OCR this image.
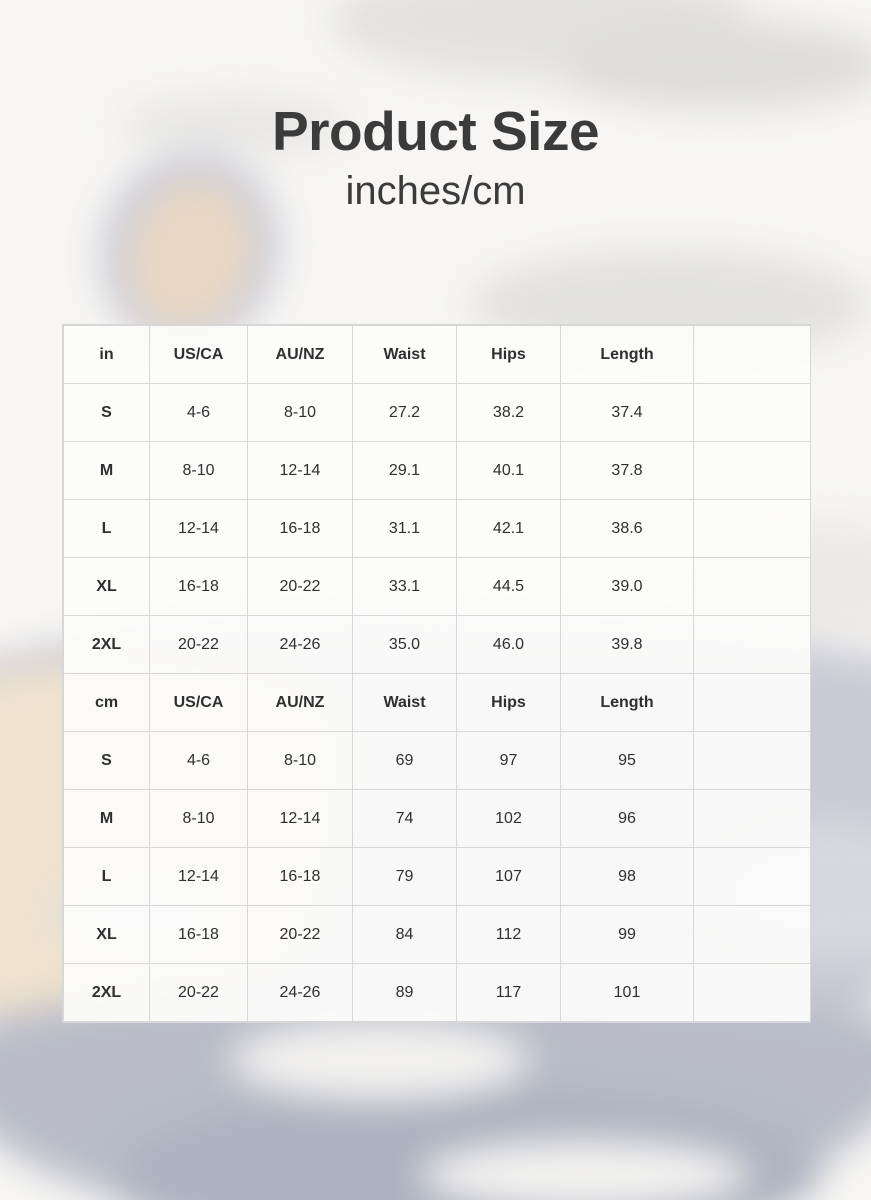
Product Size
inches/cm
in	US/CA	AU/NZ	Waist	Hips	Length	
S	4-6	8-10	27.2	38.2	37.4	
M	8-10	12-14	29.1	40.1	37.8	
L	12-14	16-18	31.1	42.1	38.6	
XL	16-18	20-22	33.1	44.5	39.0	
2XL	20-22	24-26	35.0	46.0	39.8	
cm	US/CA	AU/NZ	Waist	Hips	Length	
S	4-6	8-10	69	97	95	
M	8-10	12-14	74	102	96	
L	12-14	16-18	79	107	98	
XL	16-18	20-22	84	112	99	
2XL	20-22	24-26	89	117	101	
